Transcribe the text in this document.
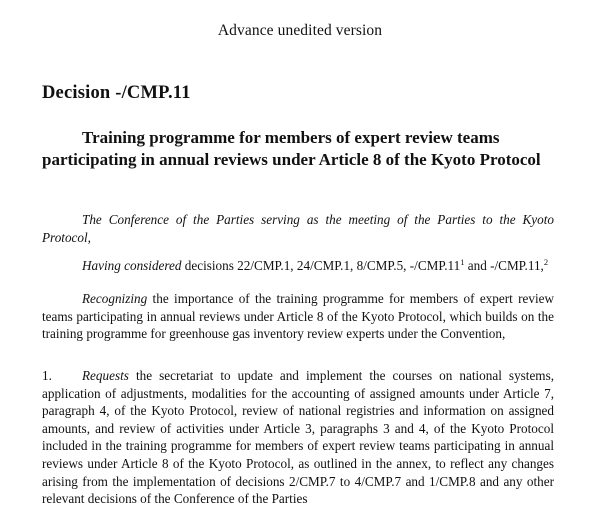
Advance unedited version
Decision -/CMP.11
Training programme for members of expert review teams participating in annual reviews under Article 8 of the Kyoto Protocol
The Conference of the Parties serving as the meeting of the Parties to the Kyoto Protocol,
Having considered decisions 22/CMP.1, 24/CMP.1, 8/CMP.5, $-/CMP.11^1$ and -/CMP.11,$^2$
Recognizing the importance of the training programme for members of expert review teams participating in annual reviews under Article 8 of the Kyoto Protocol, which builds on the training programme for greenhouse gas inventory review experts under the Convention,
1. Requests the secretariat to update and implement the courses on national systems, application of adjustments, modalities for the accounting of assigned amounts under Article 7, paragraph 4, of the Kyoto Protocol, review of national registries and information on assigned amounts, and review of activities under Article 3, paragraphs 3 and 4, of the Kyoto Protocol included in the training programme for members of expert review teams participating in annual reviews under Article 8 of the Kyoto Protocol, as outlined in the annex, to reflect any changes arising from the implementation of decisions 2/CMP.7 to 4/CMP.7 and 1/CMP.8 and any other relevant decisions of the Conference of the Parties
